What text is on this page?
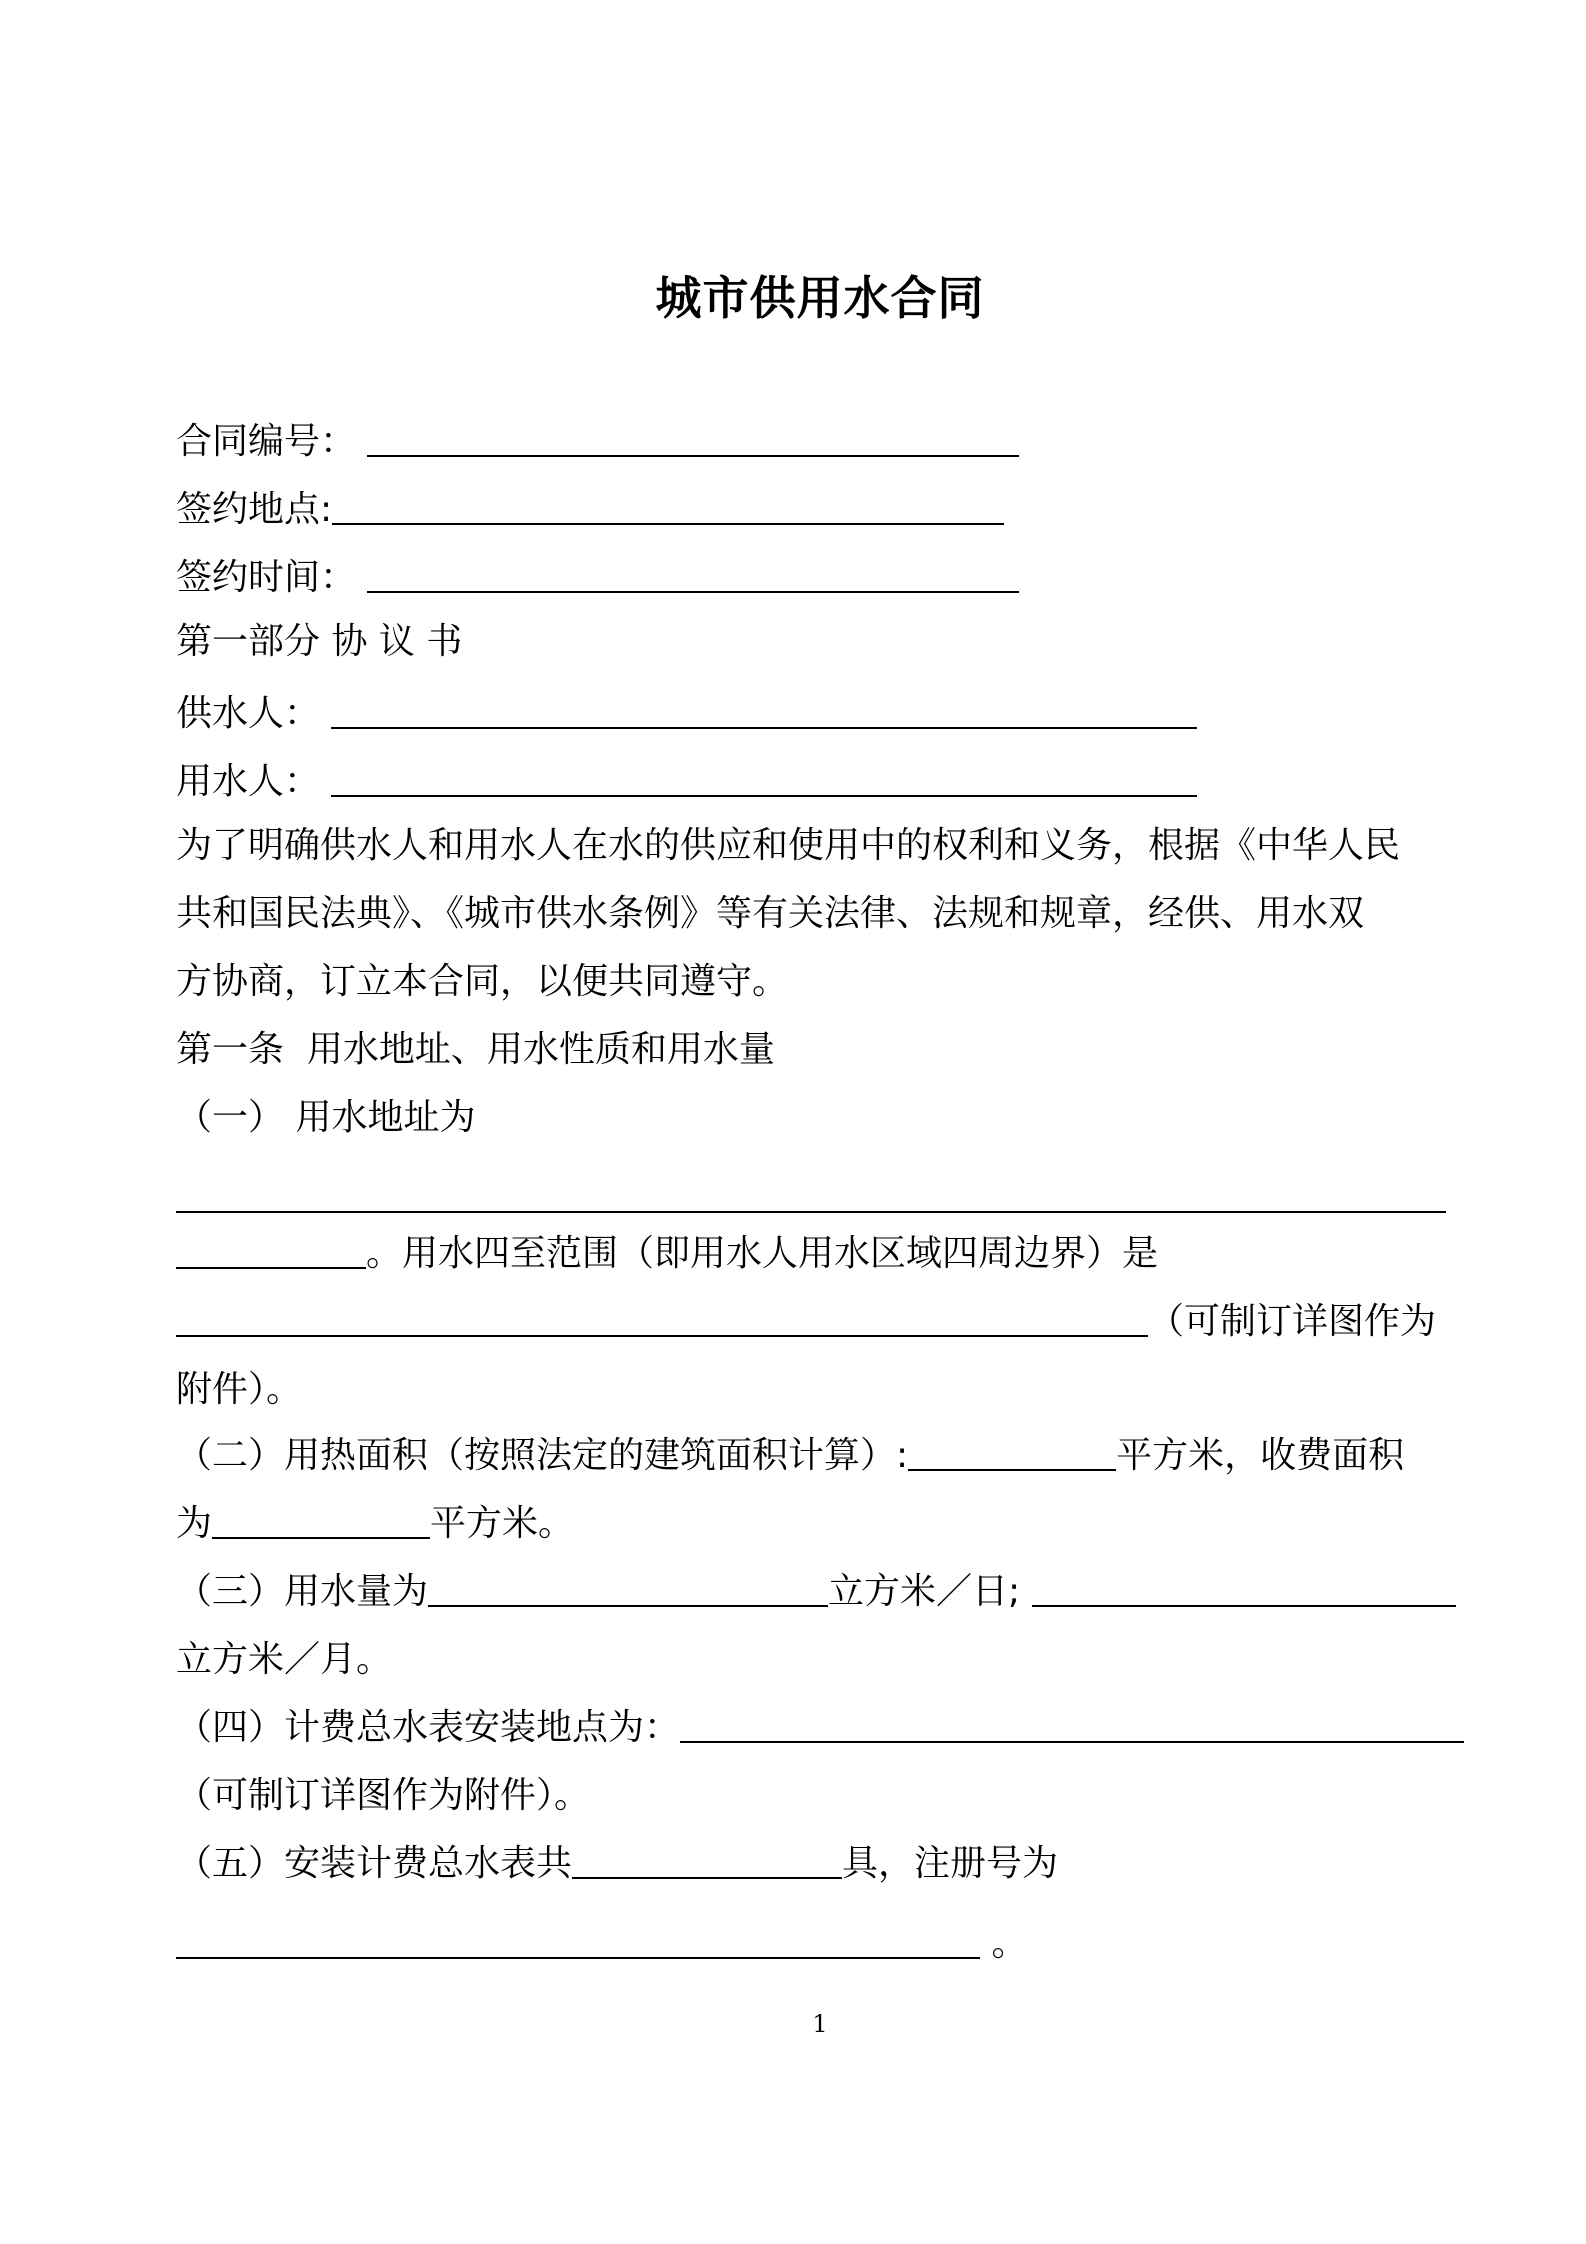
城市供用水合同
合同编号：
签约地点:
签约时间：
第一部分 协 议 书
供水人：
用水人：
为了明确供水人和用水人在水的供应和使用中的权利和义务，根据《中华人民
共和国民法典》、《城市供水条例》等有关法律、法规和规章，经供、用水双
方协商，订立本合同，以便共同遵守。
第一条  用水地址、用水性质和用水量
（一） 用水地址为
。用水四至范围（即用水人用水区域四周边界）是
（可制订详图作为
附件）。
（二）用热面积（按照法定的建筑面积计算）:	平方米，收费面积
为	平方米。
（三）用水量为	立方米／日;
立方米／月。
（四）计费总水表安装地点为：
（可制订详图作为附件）。
（五）安装计费总水表共	具，注册号为
。
1
